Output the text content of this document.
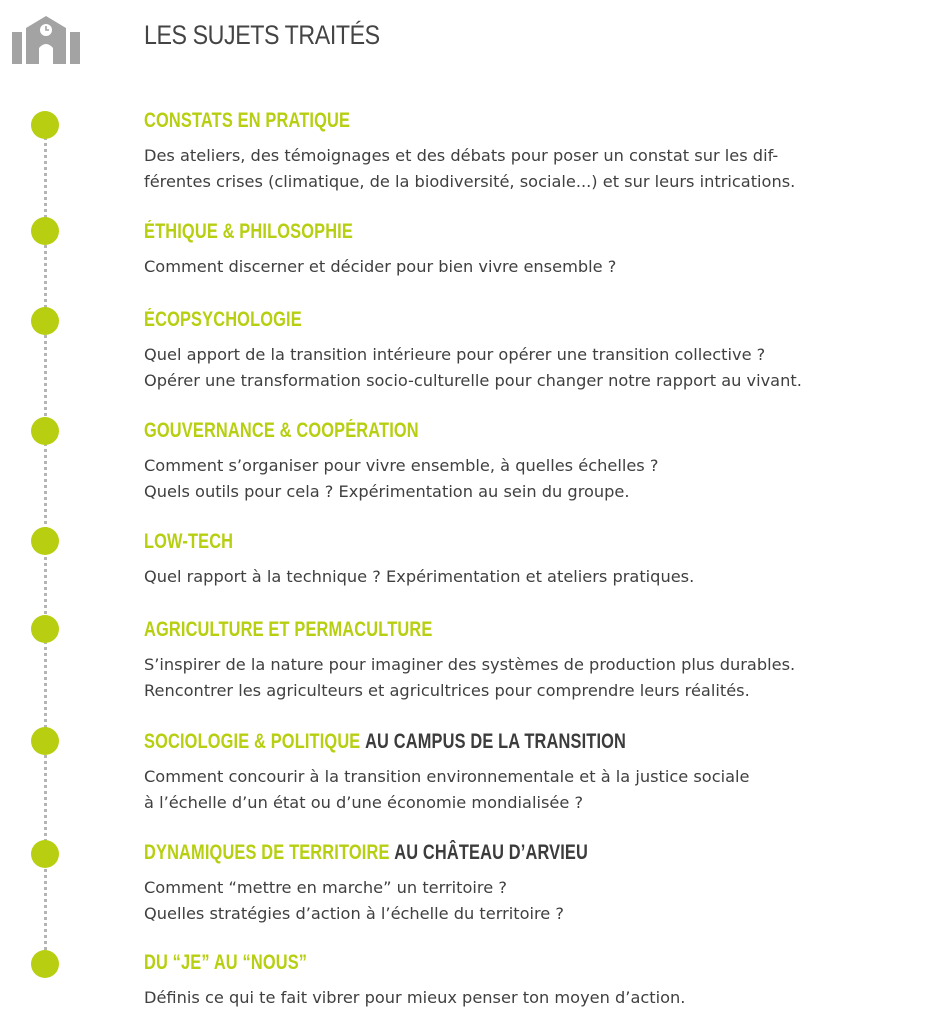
LES SUJETS TRAITÉS
CONSTATS EN PRATIQUE
Des ateliers, des témoignages et des débats pour poser un constat sur les dif-
férentes crises (climatique, de la biodiversité, sociale...) et sur leurs intrications.
ÉTHIQUE & PHILOSOPHIE
Comment discerner et décider pour bien vivre ensemble ?
ÉCOPSYCHOLOGIE
Quel apport de la transition intérieure pour opérer une transition collective ?
Opérer une transformation socio-culturelle pour changer notre rapport au vivant.
GOUVERNANCE & COOPÉRATION
Comment s’organiser pour vivre ensemble, à quelles échelles ?
Quels outils pour cela ? Expérimentation au sein du groupe.
LOW-TECH
Quel rapport à la technique ? Expérimentation et ateliers pratiques.
AGRICULTURE ET PERMACULTURE
S’inspirer de la nature pour imaginer des systèmes de production plus durables.
Rencontrer les agriculteurs et agricultrices pour comprendre leurs réalités.
SOCIOLOGIE & POLITIQUE AU CAMPUS DE LA TRANSITION
Comment concourir à la transition environnementale et à la justice sociale
à l’échelle d’un état ou d’une économie mondialisée ?
DYNAMIQUES DE TERRITOIRE AU CHÂTEAU D’ARVIEU
Comment “mettre en marche” un territoire ?
Quelles stratégies d’action à l’échelle du territoire ?
DU “JE” AU “NOUS”
Définis ce qui te fait vibrer pour mieux penser ton moyen d’action.
